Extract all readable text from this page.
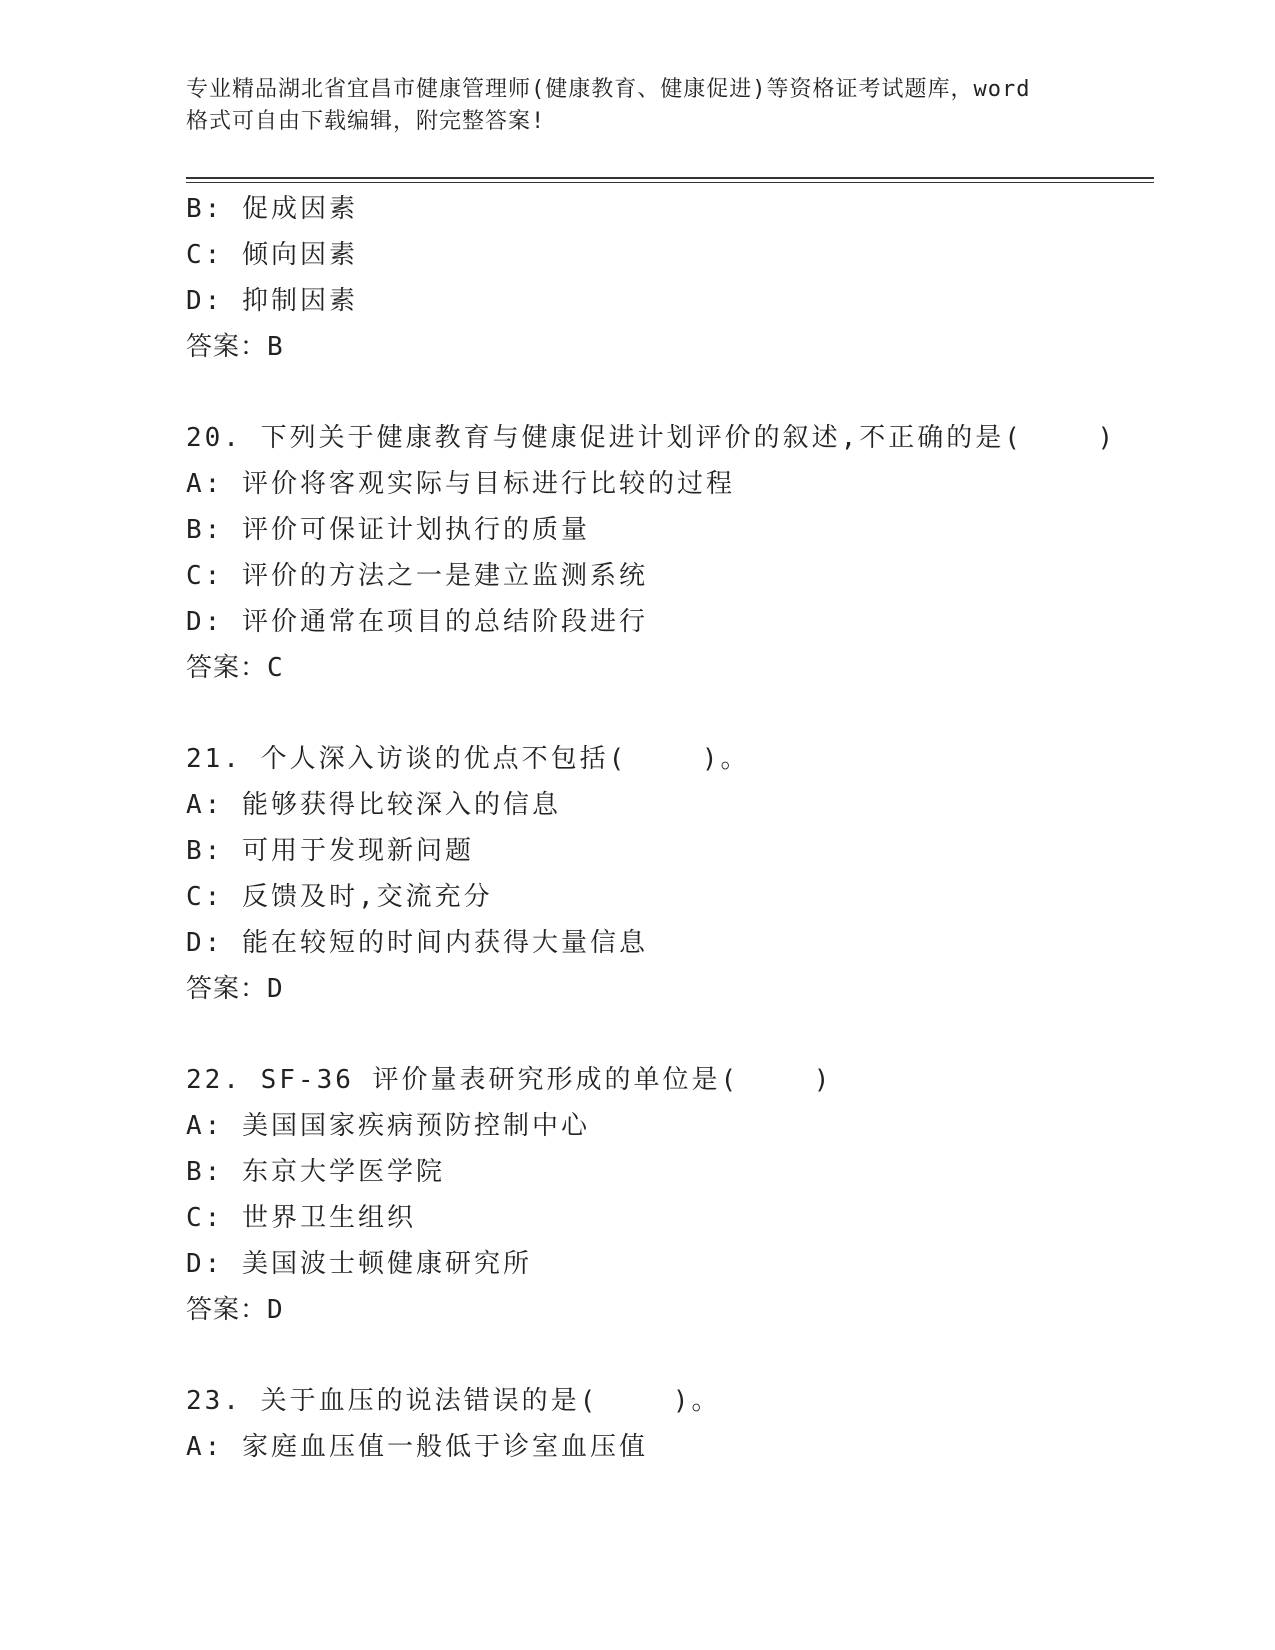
专业精品湖北省宜昌市健康管理师(健康教育、健康促进)等资格证考试题库，word
格式可自由下载编辑，附完整答案!
B: 促成因素
C: 倾向因素
D: 抑制因素
答案：B
20. 下列关于健康教育与健康促进计划评价的叙述,不正确的是(    )
A: 评价将客观实际与目标进行比较的过程
B: 评价可保证计划执行的质量
C: 评价的方法之一是建立监测系统
D: 评价通常在项目的总结阶段进行
答案：C
21. 个人深入访谈的优点不包括(    )。
A: 能够获得比较深入的信息
B: 可用于发现新问题
C: 反馈及时,交流充分
D: 能在较短的时间内获得大量信息
答案：D
22. SF-36 评价量表研究形成的单位是(    )
A: 美国国家疾病预防控制中心
B: 东京大学医学院
C: 世界卫生组织
D: 美国波士顿健康研究所
答案：D
23. 关于血压的说法错误的是(    )。
A: 家庭血压值一般低于诊室血压值
